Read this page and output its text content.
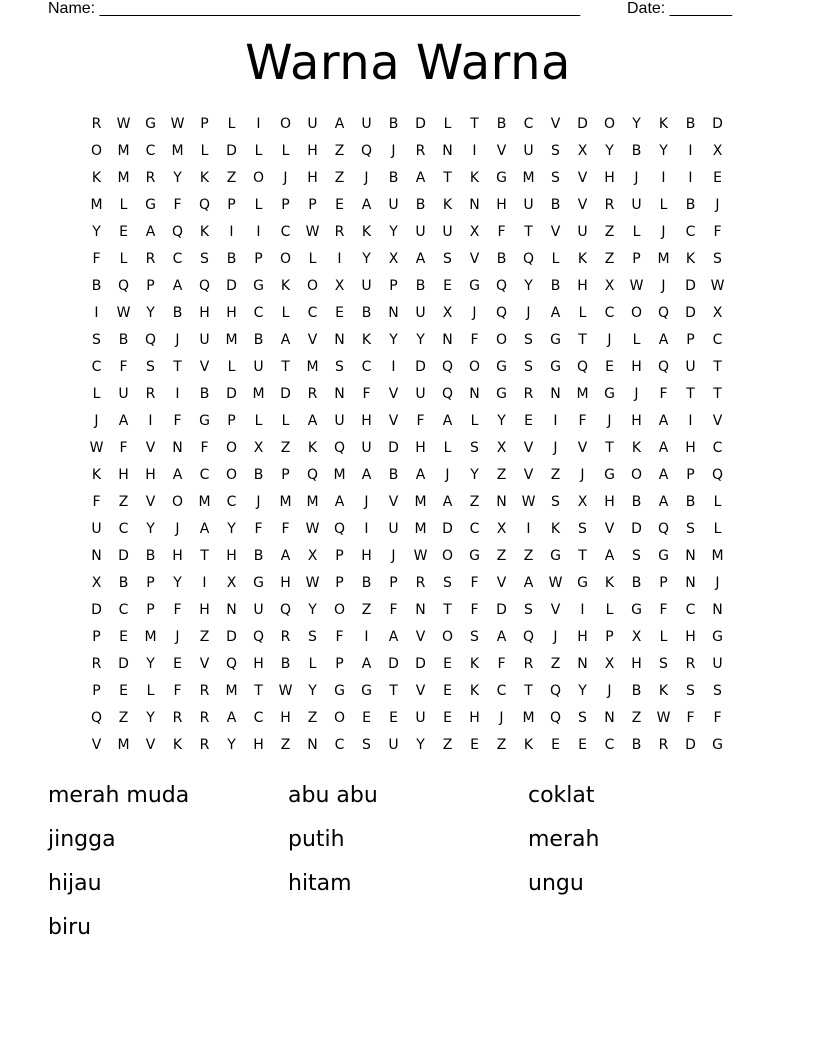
Name: ______________________________________________________	Date: _______
Warna Warna
R	W	G	W	P	L	I	O	U	A	U	B	D	L	T	B	C	V	D	O	Y	K	B	D
O	M	C	M	L	D	L	L	H	Z	Q	J	R	N	I	V	U	S	X	Y	B	Y	I	X
K	M	R	Y	K	Z	O	J	H	Z	J	B	A	T	K	G	M	S	V	H	J	I	I	E
M	L	G	F	Q	P	L	P	P	E	A	U	B	K	N	H	U	B	V	R	U	L	B	J
Y	E	A	Q	K	I	I	C	W	R	K	Y	U	U	X	F	T	V	U	Z	L	J	C	F
F	L	R	C	S	B	P	O	L	I	Y	X	A	S	V	B	Q	L	K	Z	P	M	K	S
B	Q	P	A	Q	D	G	K	O	X	U	P	B	E	G	Q	Y	B	H	X	W	J	D	W
I	W	Y	B	H	H	C	L	C	E	B	N	U	X	J	Q	J	A	L	C	O	Q	D	X
S	B	Q	J	U	M	B	A	V	N	K	Y	Y	N	F	O	S	G	T	J	L	A	P	C
C	F	S	T	V	L	U	T	M	S	C	I	D	Q	O	G	S	G	Q	E	H	Q	U	T
L	U	R	I	B	D	M	D	R	N	F	V	U	Q	N	G	R	N	M	G	J	F	T	T
J	A	I	F	G	P	L	L	A	U	H	V	F	A	L	Y	E	I	F	J	H	A	I	V
W	F	V	N	F	O	X	Z	K	Q	U	D	H	L	S	X	V	J	V	T	K	A	H	C
K	H	H	A	C	O	B	P	Q	M	A	B	A	J	Y	Z	V	Z	J	G	O	A	P	Q
F	Z	V	O	M	C	J	M	M	A	J	V	M	A	Z	N	W	S	X	H	B	A	B	L
U	C	Y	J	A	Y	F	F	W	Q	I	U	M	D	C	X	I	K	S	V	D	Q	S	L
N	D	B	H	T	H	B	A	X	P	H	J	W	O	G	Z	Z	G	T	A	S	G	N	M
X	B	P	Y	I	X	G	H	W	P	B	P	R	S	F	V	A	W	G	K	B	P	N	J
D	C	P	F	H	N	U	Q	Y	O	Z	F	N	T	F	D	S	V	I	L	G	F	C	N
P	E	M	J	Z	D	Q	R	S	F	I	A	V	O	S	A	Q	J	H	P	X	L	H	G
R	D	Y	E	V	Q	H	B	L	P	A	D	D	E	K	F	R	Z	N	X	H	S	R	U
P	E	L	F	R	M	T	W	Y	G	G	T	V	E	K	C	T	Q	Y	J	B	K	S	S
Q	Z	Y	R	R	A	C	H	Z	O	E	E	U	E	H	J	M	Q	S	N	Z	W	F	F
V	M	V	K	R	Y	H	Z	N	C	S	U	Y	Z	E	Z	K	E	E	C	B	R	D	G
merah muda	abu abu	coklat
jingga	putih	merah
hijau	hitam	ungu
biru
